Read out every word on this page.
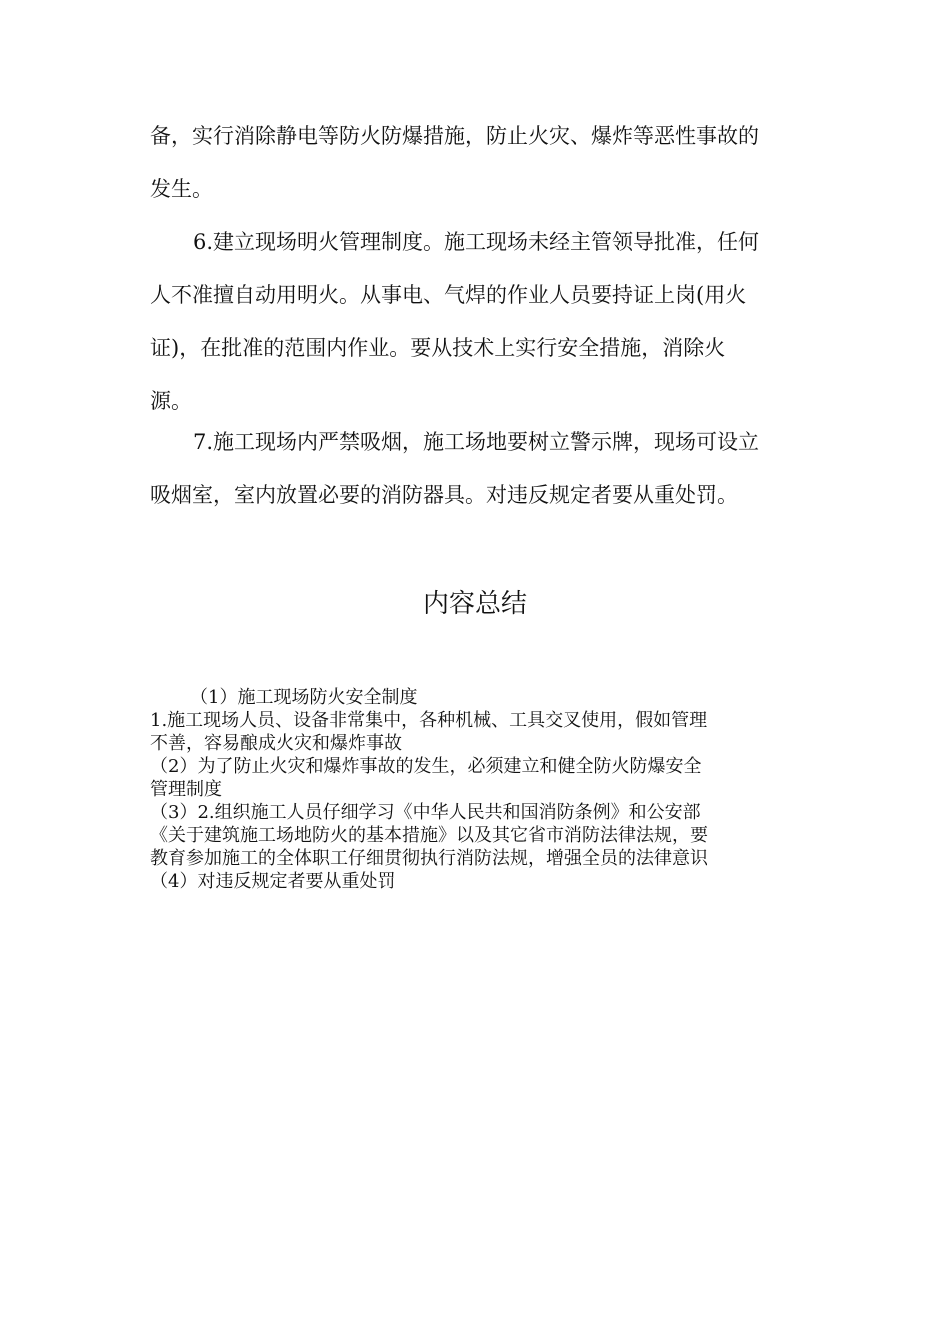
备，实行消除静电等防火防爆措施，防止火灾、爆炸等恶性事故的
发生。

6.建立现场明火管理制度。施工现场未经主管领导批准，任何
人不准擅自动用明火。从事电、气焊的作业人员要持证上岗(用火
证)，在批准的范围内作业。要从技术上实行安全措施，消除火
源。

7.施工现场内严禁吸烟，施工场地要树立警示牌，现场可设立
吸烟室，室内放置必要的消防器具。对违反规定者要从重处罚。

内容总结
（1）施工现场防火安全制度
1.施工现场人员、设备非常集中，各种机械、工具交叉使用，假如管理
不善，容易酿成火灾和爆炸事故
（2）为了防止火灾和爆炸事故的发生，必须建立和健全防火防爆安全
管理制度
（3）2.组织施工人员仔细学习《中华人民共和国消防条例》和公安部
《关于建筑施工场地防火的基本措施》以及其它省市消防法律法规，要
教育参加施工的全体职工仔细贯彻执行消防法规，增强全员的法律意识
（4）对违反规定者要从重处罚
